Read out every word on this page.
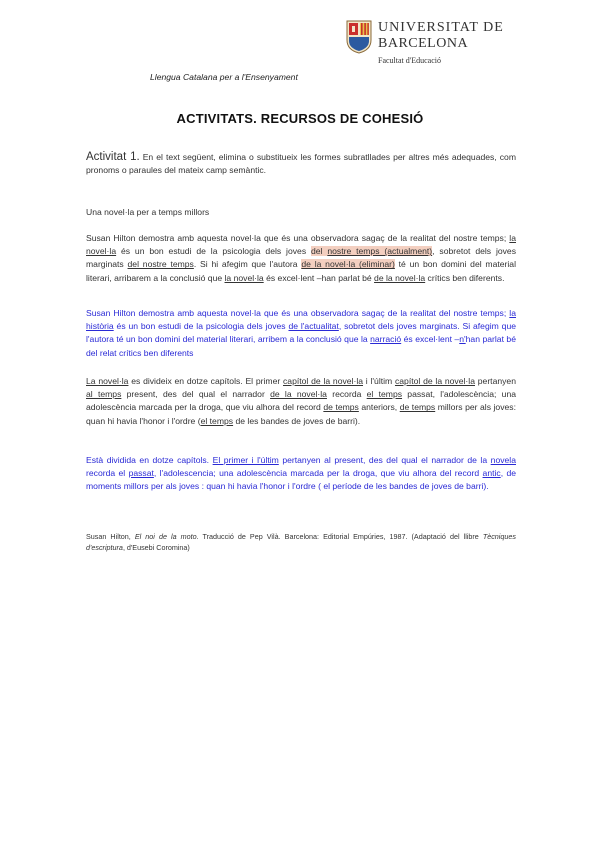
UNIVERSITAT DE
BARCELONA
Facultat d'Educació
Llengua Catalana per a l'Ensenyament
ACTIVITATS. RECURSOS DE COHESIÓ
Activitat 1. En el text següent, elimina o substitueix les formes subratllades per altres més adequades, com pronoms o paraules del mateix camp semàntic.
Una novel·la per a temps millors
Susan Hilton demostra amb aquesta novel·la que és una observadora sagaç de la realitat del nostre temps; la novel·la és un bon estudi de la psicologia dels joves del nostre temps (actualment), sobretot dels joves marginats del nostre temps. Si hi afegim que l'autora de la novel·la (eliminar) té un bon domini del material literari, arribarem a la conclusió que la novel·la és excel·lent –han parlat bé de la novel·la crítics ben diferents.
Susan Hilton demostra amb aquesta novel·la que és una observadora sagaç de la realitat del nostre temps; la història és un bon estudi de la psicologia dels joves de l'actualitat, sobretot dels joves marginats. Si afegim que l'autora té un bon domini del material literari, arribem a la conclusió que la narració és excel·lent –n'han parlat bé del relat crítics ben diferents
La novel·la es divideix en dotze capítols. El primer capítol de la novel·la i l'últim capítol de la novel·la pertanyen al temps present, des del qual el narrador de la novel·la recorda el temps passat, l'adolescència; una adolescència marcada per la droga, que viu alhora del record de temps anteriors, de temps millors per als joves: quan hi havia l'honor i l'ordre (el temps de les bandes de joves de barri).
Està dividida en dotze capítols. El primer i l'últim pertanyen al present, des del qual el narrador de la novela recorda el passat, l'adolescencia; una adolescència marcada per la droga, que viu alhora del record antic, de moments millors per als joves : quan hi havia l'honor i l'ordre ( el període de les bandes de joves de barri).
Susan Hilton, El noi de la moto. Traducció de Pep Vilà. Barcelona: Editorial Empúries, 1987. (Adaptació del llibre Tècniques d'escriptura, d'Eusebi Coromina)
